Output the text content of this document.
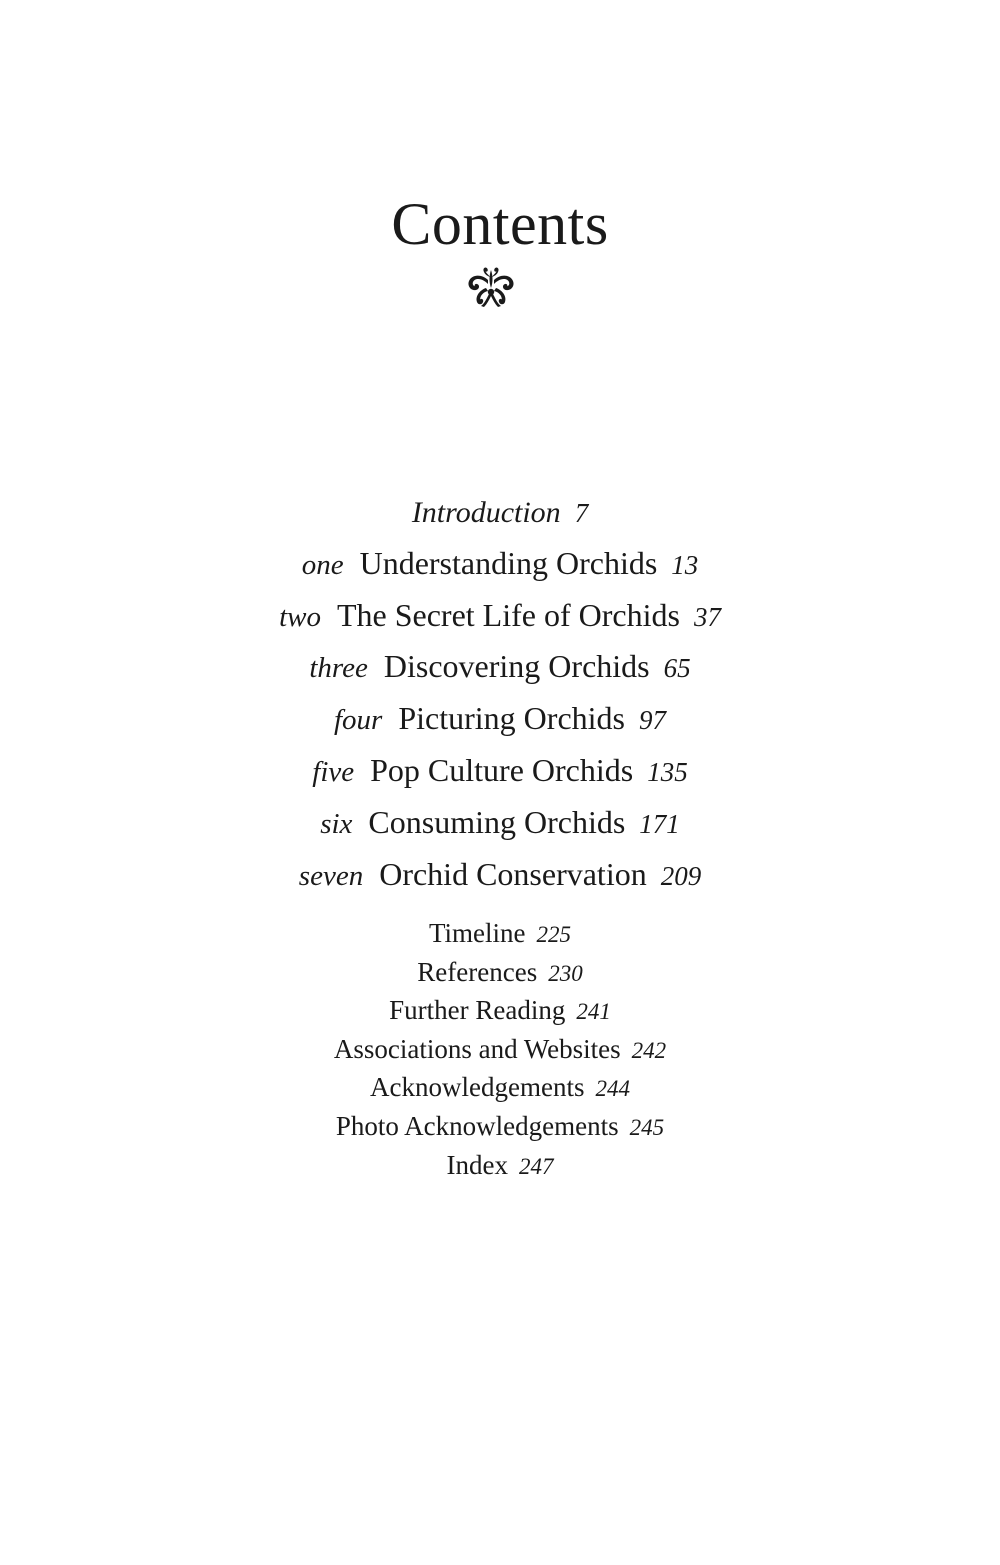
Contents
Introduction 7
one Understanding Orchids 13
two The Secret Life of Orchids 37
three Discovering Orchids 65
four Picturing Orchids 97
five Pop Culture Orchids 135
six Consuming Orchids 171
seven Orchid Conservation 209
Timeline 225
References 230
Further Reading 241
Associations and Websites 242
Acknowledgements 244
Photo Acknowledgements 245
Index 247
